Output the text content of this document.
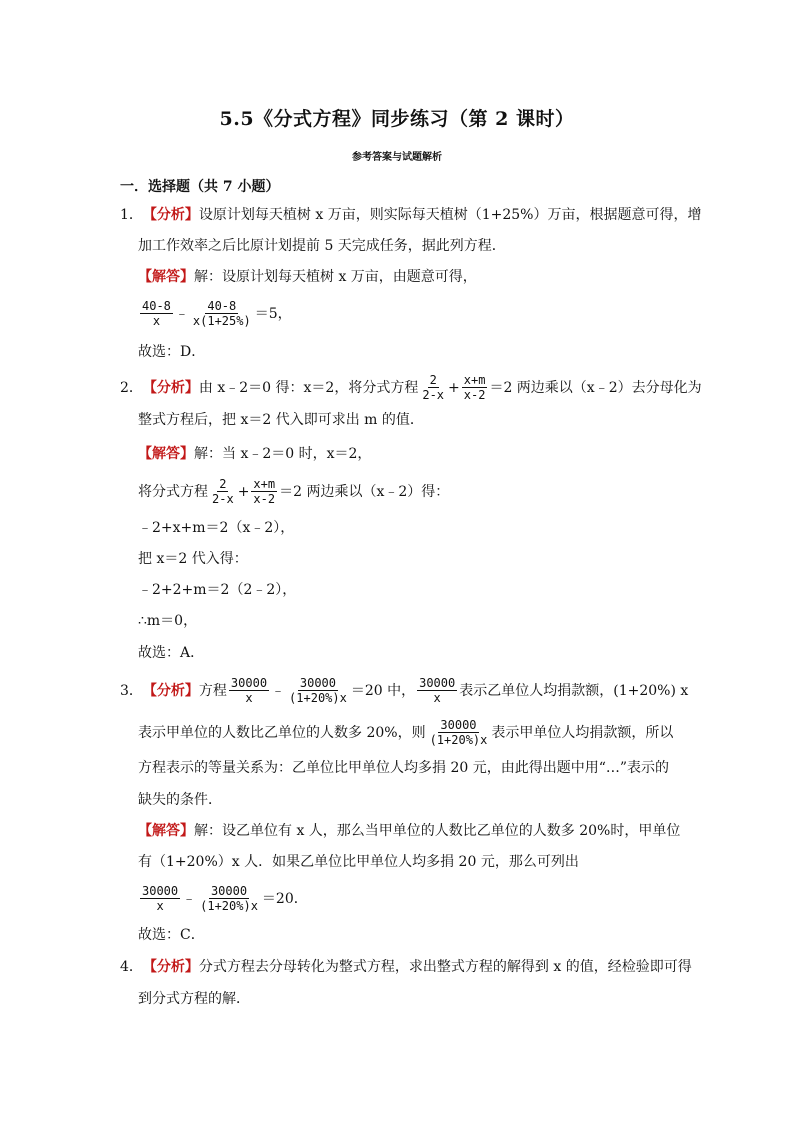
5.5《分式方程》同步练习（第 2 课时）
参考答案与试题解析
一．选择题（共 7 小题）
1． 【分析】 设原计划每天植树 x 万亩，则实际每天植树（1+25%）万亩，根据题意可得，增
加工作效率之后比原计划提前 5 天完成任务，据此列方程．
【解答】 解：设原计划每天植树 x 万亩，由题意可得，
$\frac{40-8}{x}$ ﹣ $\frac{40-8}{x(1+25\%)} =5$，
故选：D．
2． 【分析】 由 x﹣2＝0 得：x＝2，将分式方程 $\frac{2}{2-x} + \frac{x+m}{x-2} =2$ 两边乘以（x﹣2）去分母化为
整式方程后，把 x＝2 代入即可求出 m 的值．
【解答】 解：当 x﹣2＝0 时，x＝2，
将分式方程 $\frac{2}{2-x} + \frac{x+m}{x-2} =2$ 两边乘以（x﹣2）得：
﹣2+x+m＝2（x﹣2），
把 x＝2 代入得：
﹣2+2+m＝2（2﹣2），
∴m＝0，
故选：A．
3． 【分析】 方程 $\frac{30000}{x}$ ﹣ $\frac{30000}{(1+20\%)x} =20$ 中， $\frac{30000}{x}$ 表示乙单位人均捐款额，(1+20%) x
表示甲单位的人数比乙单位的人数多 20%，则 $\frac{30000}{(1+20\%)x}$ 表示甲单位人均捐款额，所以
方程表示的等量关系为：乙单位比甲单位人均多捐 20 元，由此得出题中用“…”表示的
缺失的条件．
【解答】 解：设乙单位有 x 人，那么当甲单位的人数比乙单位的人数多 20%时，甲单位
有（1+20%）x 人．如果乙单位比甲单位人均多捐 20 元，那么可列出
$\frac{30000}{x}$ ﹣ $\frac{30000}{(1+20\%)x} =20$．
故选：C．
4． 【分析】 分式方程去分母转化为整式方程，求出整式方程的解得到 x 的值，经检验即可得
到分式方程的解．
